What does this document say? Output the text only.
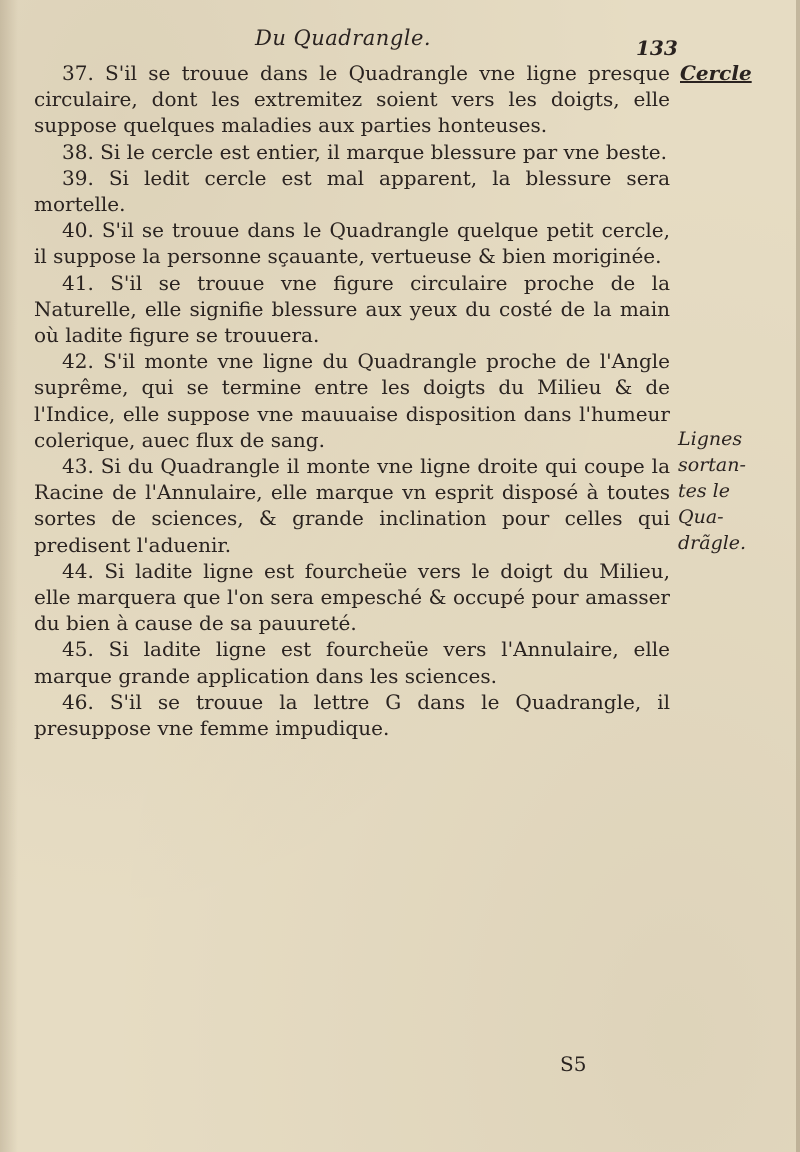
Du Quadrangle.	133
Cercle
Lignes
sortan-
tes le
Qua-
drãgle.

37. S'il se trouue dans le Quadrangle vne ligne presque circulaire, dont les extremitez soient vers les doigts, elle suppose quelques maladies aux parties honteuses.

38. Si le cercle est entier, il marque blessure par vne beste.

39. Si ledit cercle est mal apparent, la blessure sera mortelle.

40. S'il se trouue dans le Quadrangle quelque petit cercle, il suppose la personne sçauante, vertueuse & bien moriginée.

41. S'il se trouue vne figure circulaire proche de la Naturelle, elle signifie blessure aux yeux du costé de la main où ladite figure se trouuera.

42. S'il monte vne ligne du Quadrangle proche de l'Angle suprême, qui se termine entre les doigts du Milieu & de l'Indice, elle suppose vne mauuaise disposition dans l'humeur colerique, auec flux de sang.

43. Si du Quadrangle il monte vne ligne droite qui coupe la Racine de l'Annulaire, elle marque vn esprit disposé à toutes sortes de sciences, & grande inclination pour celles qui predisent l'aduenir.

44. Si ladite ligne est fourcheüe vers le doigt du Milieu, elle marquera que l'on sera empesché & occupé pour amasser du bien à cause de sa pauureté.

45. Si ladite ligne est fourcheüe vers l'Annulaire, elle marque grande application dans les sciences.

46. S'il se trouue la lettre G dans le Quadrangle, il presuppose vne femme impudique.

S5
